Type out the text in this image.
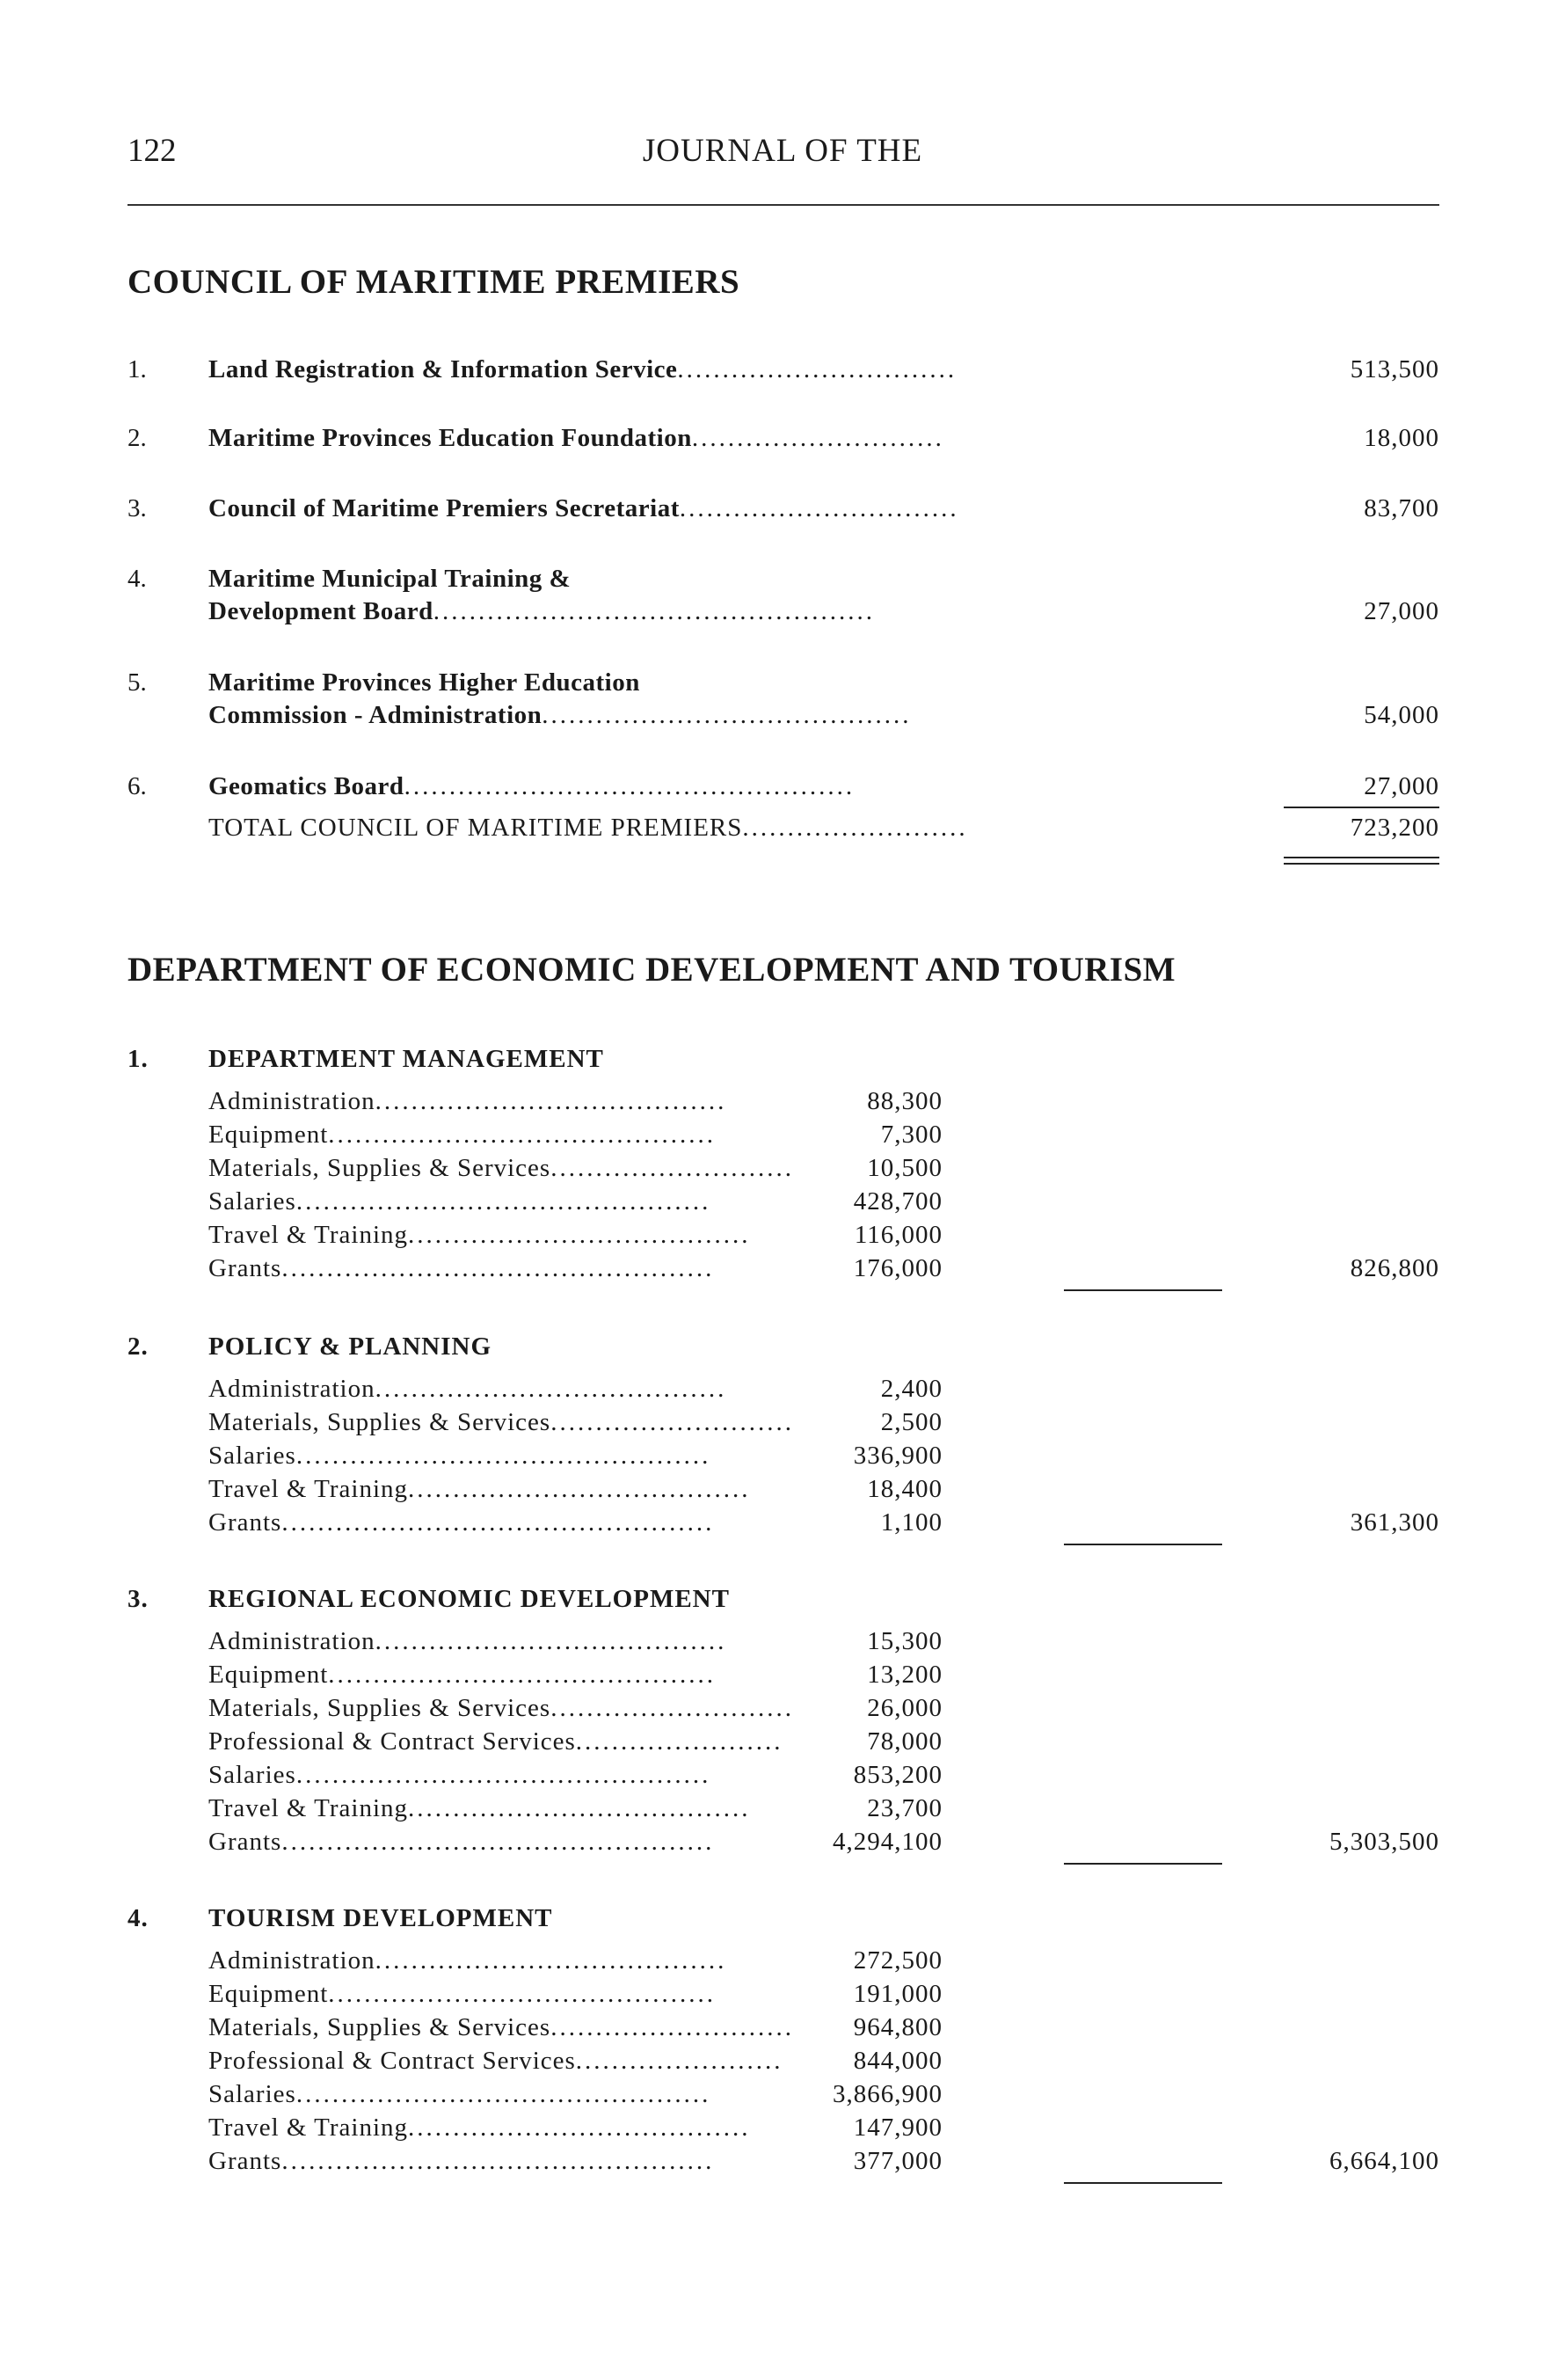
122	JOURNAL OF THE
COUNCIL OF MARITIME PREMIERS
1. Land Registration & Information Service...............................	513,500
2. Maritime Provinces Education Foundation............................	18,000
3. Council of Maritime Premiers Secretariat...............................	83,700
4. Maritime Municipal Training &
Development Board.................................................	27,000
5. Maritime Provinces Higher Education
Commission - Administration.........................................	54,000
6. Geomatics Board..................................................	27,000
TOTAL COUNCIL OF MARITIME PREMIERS.........................	723,200
DEPARTMENT OF ECONOMIC DEVELOPMENT AND TOURISM
1. DEPARTMENT MANAGEMENT
Administration.......................................	88,300
Equipment...........................................	7,300
Materials, Supplies & Services...........................	10,500
Salaries..............................................	428,700
Travel & Training......................................	116,000
Grants................................................	176,000	826,800
2. POLICY & PLANNING
Administration.......................................	2,400
Materials, Supplies & Services...........................	2,500
Salaries..............................................	336,900
Travel & Training......................................	18,400
Grants................................................	1,100	361,300
3. REGIONAL ECONOMIC DEVELOPMENT
Administration.......................................	15,300
Equipment...........................................	13,200
Materials, Supplies & Services...........................	26,000
Professional & Contract Services.......................	78,000
Salaries..............................................	853,200
Travel & Training......................................	23,700
Grants................................................	4,294,100	5,303,500
4. TOURISM DEVELOPMENT
Administration.......................................	272,500
Equipment...........................................	191,000
Materials, Supplies & Services........................... 964,800
Professional & Contract Services.......................	844,000
Salaries..............................................	3,866,900
Travel & Training......................................	147,900
Grants................................................	377,000	6,664,100
